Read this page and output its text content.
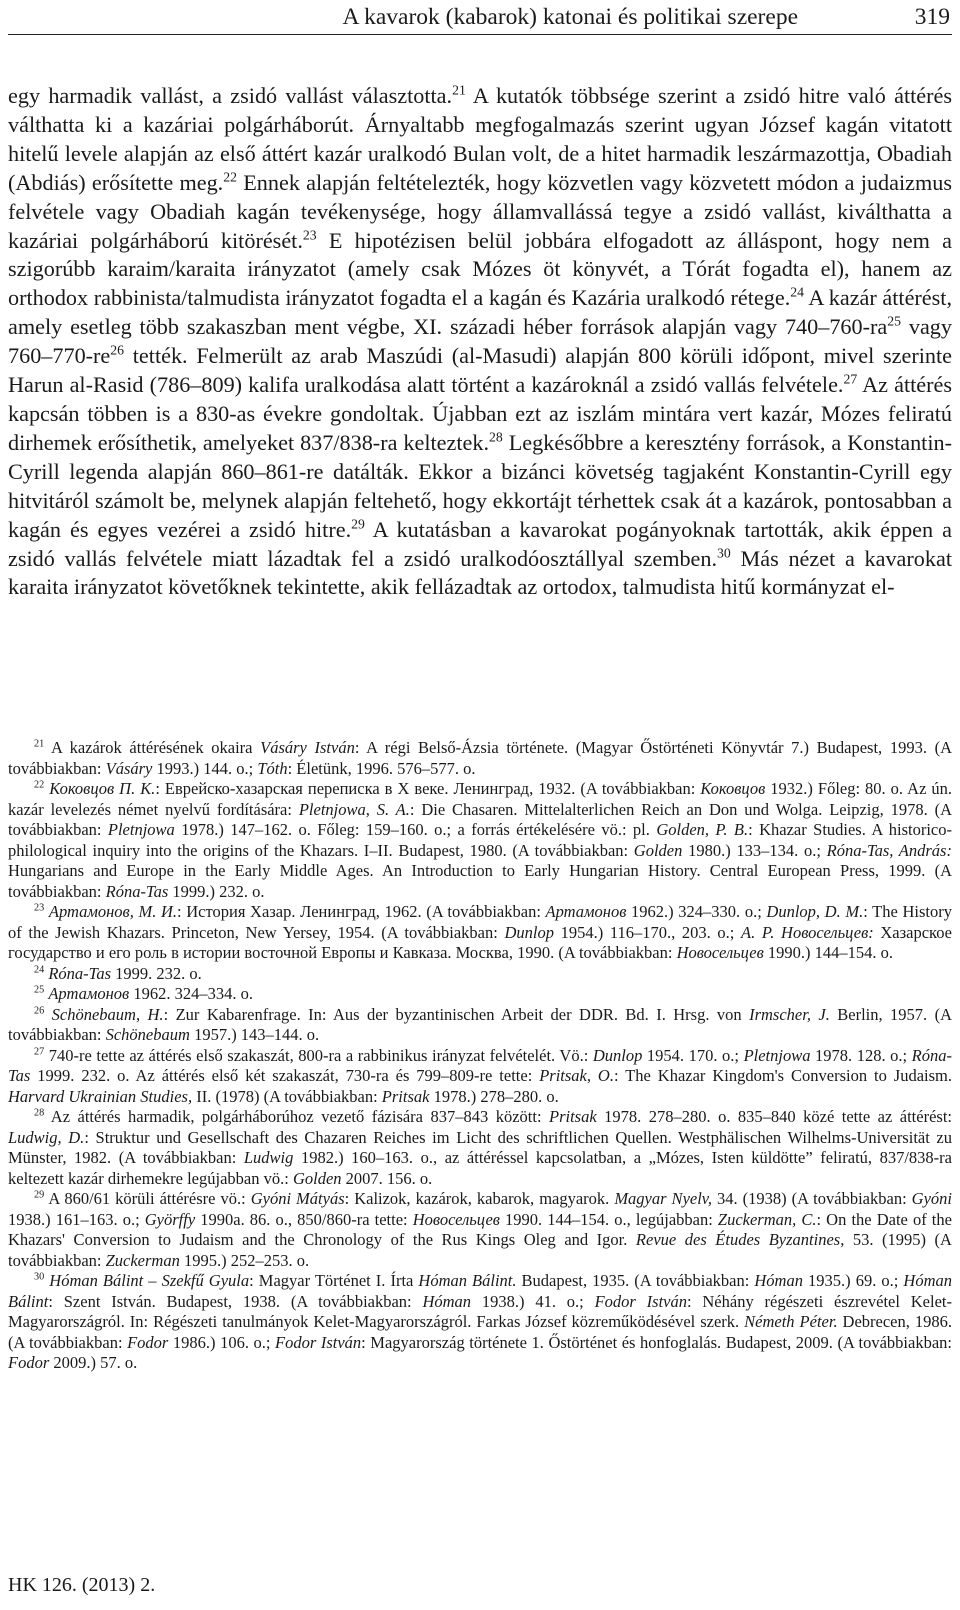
A kavarok (kabarok) katonai és politikai szerepe	319

egy harmadik vallást, a zsidó vallást választotta.$^{21}$ A kutatók többsége szerint a zsidó hitre való áttérés válthatta ki a kazáriai polgárháborút. Árnyaltabb megfogalmazás szerint ugyan József kagán vitatott hitelű levele alapján az első áttért kazár uralkodó Bulan volt, de a hitet harmadik leszármazottja, Obadiah (Abdiás) erősítette meg.$^{22}$ Ennek alapján feltételezték, hogy közvetlen vagy közvetett módon a judaizmus felvétele vagy Obadiah kagán tevékenysége, hogy államvallássá tegye a zsidó vallást, kiválthatta a kazáriai polgárháború kitörését.$^{23}$ E hipotézisen belül jobbára elfogadott az álláspont, hogy nem a szigorúbb karaim/karaita irányzatot (amely csak Mózes öt könyvét, a Tórát fogadta el), hanem az orthodox rabbinista/talmudista irányzatot fogadta el a kagán és Kazária uralkodó rétege.$^{24}$ A kazár áttérést, amely esetleg több szakaszban ment végbe, XI. századi héber források alapján vagy $740-760-ra^{25}$ vagy $760-770-re^{26}$ tették. Felmerült az arab Maszúdi (al-Masudi) alapján 800 körüli időpont, mivel szerinte Harun al-Rasid (786–809) kalifa uralkodása alatt történt a kazároknál a zsidó vallás felvétele.$^{27}$ Az áttérés kapcsán többen is a 830-as évekre gondoltak. Újabban ezt az iszlám mintára vert kazár, Mózes feliratú dirhemek erősíthetik, amelyeket 837/838-ra kelteztek.$^{28}$ Legkésőbbre a keresztény források, a Konstantin-Cyrill legenda alapján 860–861-re datálták. Ekkor a bizánci követség tagjaként Konstantin-Cyrill egy hitvitáról számolt be, melynek alapján feltehető, hogy ekkortájt térhettek csak át a kazárok, pontosabban a kagán és egyes vezérei a zsidó hitre.$^{29}$ A kutatásban a kavarokat pogányoknak tartották, akik éppen a zsidó vallás felvétele miatt lázadtak fel a zsidó uralkodóosztállyal szemben.$^{30}$ Más nézet a kavarokat karaita irányzatot követőknek tekintette, akik fellázadtak az ortodox, talmudista hitű kormányzat el-

$^{21}$ A kazárok áttérésének okaira Vásáry István: A régi Belső-Ázsia története. (Magyar Őstörténeti Könyvtár 7.) Budapest, 1993. (A továbbiakban: Vásáry 1993.) 144. o.; Tóth: Életünk, 1996. 576–577. o.

$^{22}$ Коковцов П. К.: Еврейско-хазарская переписка в X веке. Ленинград, 1932. (A továbbiakban: Коковцов 1932.) Főleg: 80. o. Az ún. kazár levelezés német nyelvű fordítására: Pletnjowa, S. A.: Die Chasaren. Mittelalterlichen Reich an Don und Wolga. Leipzig, 1978. (A továbbiakban: Pletnjowa 1978.) 147–162. o. Főleg: 159–160. o.; a forrás értékelésére vö.: pl. Golden, P. B.: Khazar Studies. A historico-philological inquiry into the origins of the Khazars. I–II. Budapest, 1980. (A továbbiakban: Golden 1980.) 133–134. o.; Róna-Tas, András: Hungarians and Europe in the Early Middle Ages. An Introduction to Early Hungarian History. Central European Press, 1999. (A továbbiakban: Róna-Tas 1999.) 232. o.

$^{23}$ Артамонов, М. И.: История Хазар. Ленинград, 1962. (A továbbiakban: Артамонов 1962.) 324–330. o.; Dunlop, D. M.: The History of the Jewish Khazars. Princeton, New Yersey, 1954. (A továbbiakban: Dunlop 1954.) 116–170., 203. o.; А. Р. Новосельцев: Хазарское государство и его роль в истории восточной Европы и Кавказа. Москва, 1990. (A továbbiakban: Новосельцев 1990.) 144–154. o.

$^{24}$ Róna-Tas 1999. 232. o.

$^{25}$ Артамонов 1962. 324–334. o.

$^{26}$ Schönebaum, H.: Zur Kabarenfrage. In: Aus der byzantinischen Arbeit der DDR. Bd. I. Hrsg. von Irmscher, J. Berlin, 1957. (A továbbiakban: Schönebaum 1957.) 143–144. o.

$^{27}$ 740-re tette az áttérés első szakaszát, 800-ra a rabbinikus irányzat felvételét. Vö.: Dunlop 1954. 170. o.; Pletnjowa 1978. 128. o.; Róna-Tas 1999. 232. o. Az áttérés első két szakaszát, 730-ra és 799–809-re tette: Pritsak, O.: The Khazar Kingdom's Conversion to Judaism. Harvard Ukrainian Studies, II. (1978) (A továbbiakban: Pritsak 1978.) 278–280. o.

$^{28}$ Az áttérés harmadik, polgárháborúhoz vezető fázisára 837–843 között: Pritsak 1978. 278–280. o. 835–840 közé tette az áttérést: Ludwig, D.: Struktur und Gesellschaft des Chazaren Reiches im Licht des schriftlichen Quellen. Westphälischen Wilhelms-Universität zu Münster, 1982. (A továbbiakban: Ludwig 1982.) 160–163. o., az áttéréssel kapcsolatban, a „Mózes, Isten küldötte” feliratú, 837/838-ra keltezett kazár dirhemekre legújabban vö.: Golden 2007. 156. o.

$^{29}$ A 860/61 körüli áttérésre vö.: Gyóni Mátyás: Kalizok, kazárok, kabarok, magyarok. Magyar Nyelv, 34. (1938) (A továbbiakban: Gyóni 1938.) 161–163. o.; Györffy 1990a. 86. o., 850/860-ra tette: Новосельцев 1990. 144–154. o., legújabban: Zuckerman, C.: On the Date of the Khazars' Conversion to Judaism and the Chronology of the Rus Kings Oleg and Igor. Revue des Études Byzantines, 53. (1995) (A továbbiakban: Zuckerman 1995.) 252–253. o.

$^{30}$ Hóman Bálint – Szekfű Gyula: Magyar Történet I. Írta Hóman Bálint. Budapest, 1935. (A továbbiakban: Hóman 1935.) 69. o.; Hóman Bálint: Szent István. Budapest, 1938. (A továbbiakban: Hóman 1938.) 41. o.; Fodor István: Néhány régészeti észrevétel Kelet-Magyarországról. In: Régészeti tanulmányok Kelet-Magyarországról. Farkas József közreműködésével szerk. Németh Péter. Debrecen, 1986. (A továbbiakban: Fodor 1986.) 106. o.; Fodor István: Magyarország története 1. Őstörténet és honfoglalás. Budapest, 2009. (A továbbiakban: Fodor 2009.) 57. o.

HK 126. (2013) 2.
